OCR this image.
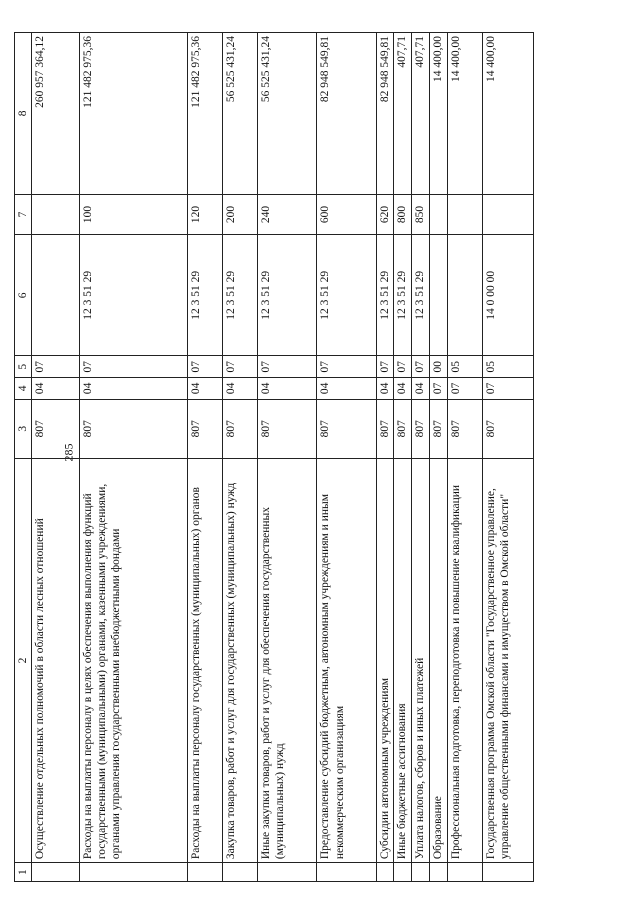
285
1	2	3	4	5	6	7	8
	Осуществление отдельных полномочий в области лесных отношений	807	04	07			260 957 364,12
	Расходы на выплаты персоналу в целях обеспечения выполнения функций государственными (муниципальными) органами, казенными учреждениями, органами управления государственными внебюджетными фондами	807	04	07	12 3 51 29	100	121 482 975,36
	Расходы на выплаты персоналу государственных (муниципальных) органов	807	04	07	12 3 51 29	120	121 482 975,36
	Закупка товаров, работ и услуг для государственных (муниципальных) нужд	807	04	07	12 3 51 29	200	56 525 431,24
	Иные закупки товаров, работ и услуг для обеспечения государственных (муниципальных) нужд	807	04	07	12 3 51 29	240	56 525 431,24
	Предоставление субсидий бюджетным, автономным учреждениям и иным некоммерческим организациям	807	04	07	12 3 51 29	600	82 948 549,81
	Субсидии автономным учреждениям	807	04	07	12 3 51 29	620	82 948 549,81
	Иные бюджетные ассигнования	807	04	07	12 3 51 29	800	407,71
	Уплата налогов, сборов и иных платежей	807	04	07	12 3 51 29	850	407,71
	Образование	807	07	00			14 400,00
	Профессиональная подготовка, переподготовка и повышение квалификации	807	07	05			14 400,00
	Государственная программа Омской области "Государственное управление, управление общественными финансами и имуществом в Омской области"	807	07	05	14 0 00 00		14 400,00
